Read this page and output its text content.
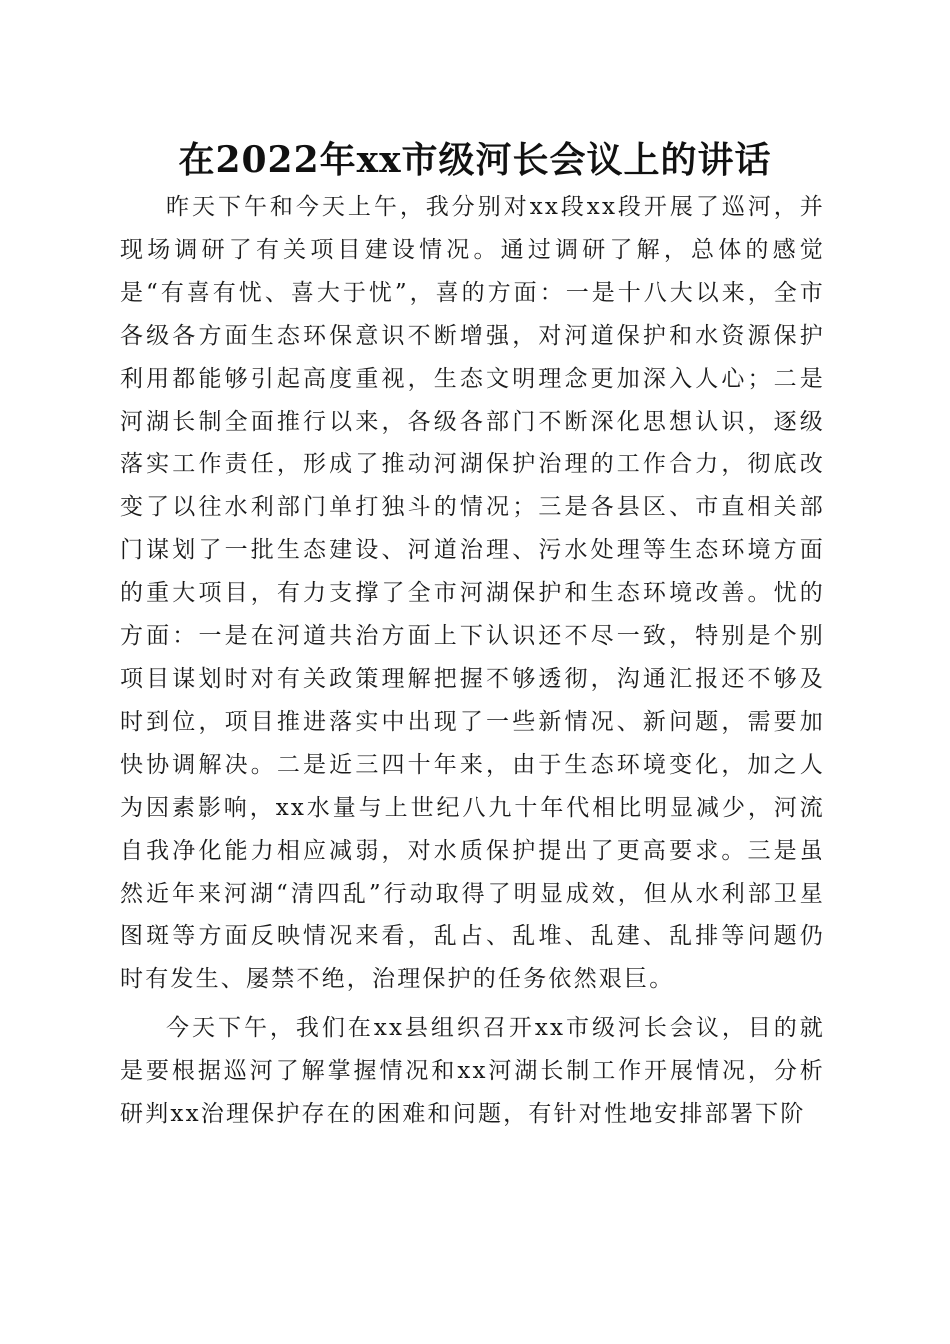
在2022年xx市级河长会议上的讲话

昨天下午和今天上午，我分别对xx段xx段开展了巡河，并现场调研了有关项目建设情况。通过调研了解，总体的感觉是“有喜有忧、喜大于忧”，喜的方面：一是十八大以来，全市各级各方面生态环保意识不断增强，对河道保护和水资源保护利用都能够引起高度重视，生态文明理念更加深入人心；二是河湖长制全面推行以来，各级各部门不断深化思想认识，逐级落实工作责任，形成了推动河湖保护治理的工作合力，彻底改变了以往水利部门单打独斗的情况；三是各县区、市直相关部门谋划了一批生态建设、河道治理、污水处理等生态环境方面的重大项目，有力支撑了全市河湖保护和生态环境改善。忧的方面：一是在河道共治方面上下认识还不尽一致，特别是个别项目谋划时对有关政策理解把握不够透彻，沟通汇报还不够及时到位，项目推进落实中出现了一些新情况、新问题，需要加快协调解决。二是近三四十年来，由于生态环境变化，加之人为因素影响，xx水量与上世纪八九十年代相比明显减少，河流自我净化能力相应减弱，对水质保护提出了更高要求。三是虽然近年来河湖“清四乱”行动取得了明显成效，但从水利部卫星图斑等方面反映情况来看，乱占、乱堆、乱建、乱排等问题仍时有发生、屡禁不绝，治理保护的任务依然艰巨。

今天下午，我们在xx县组织召开xx市级河长会议，目的就是要根据巡河了解掌握情况和xx河湖长制工作开展情况，分析研判xx治理保护存在的困难和问题，有针对性地安排部署下阶
